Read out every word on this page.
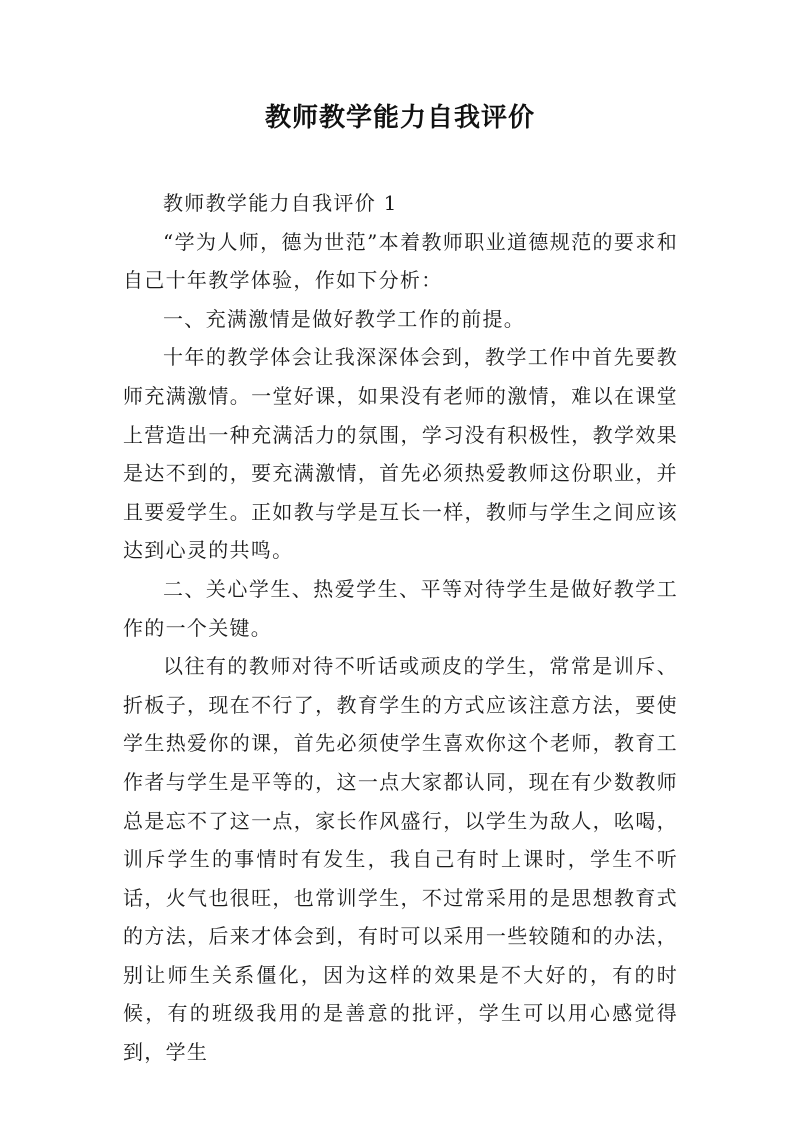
教师教学能力自我评价

教师教学能力自我评价 1

“学为人师，德为世范”本着教师职业道德规范的要求和自己十年教学体验，作如下分析：

一、充满激情是做好教学工作的前提。

十年的教学体会让我深深体会到，教学工作中首先要教师充满激情。一堂好课，如果没有老师的激情，难以在课堂上营造出一种充满活力的氛围，学习没有积极性，教学效果是达不到的，要充满激情，首先必须热爱教师这份职业，并且要爱学生。正如教与学是互长一样，教师与学生之间应该达到心灵的共鸣。

二、关心学生、热爱学生、平等对待学生是做好教学工作的一个关键。

以往有的教师对待不听话或顽皮的学生，常常是训斥、折板子，现在不行了，教育学生的方式应该注意方法，要使学生热爱你的课，首先必须使学生喜欢你这个老师，教育工作者与学生是平等的，这一点大家都认同，现在有少数教师总是忘不了这一点，家长作风盛行，以学生为敌人，吆喝，训斥学生的事情时有发生，我自己有时上课时，学生不听话，火气也很旺，也常训学生，不过常采用的是思想教育式的方法，后来才体会到，有时可以采用一些较随和的办法，别让师生关系僵化，因为这样的效果是不大好的，有的时候，有的班级我用的是善意的批评，学生可以用心感觉得到，学生
